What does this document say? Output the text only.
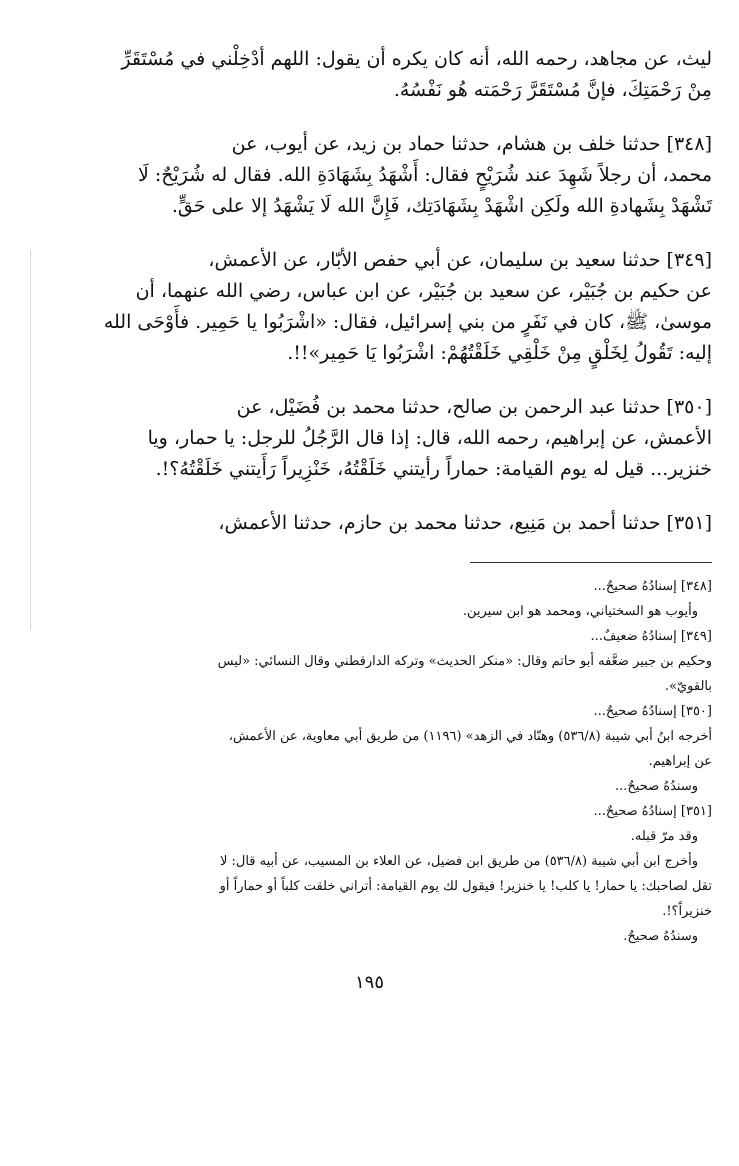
ليث، عن مجاهد، رحمه الله، أنه كان يكره أن يقول: اللهم أدْخِلْني في مُسْتَقَرِّ
مِنْ رَحْمَتِكَ، فإنَّ مُسْتَقَرَّ رَحْمَته هُو نَفْسُهُ.

[٣٤٨] حدثنا خلف بن هشام، حدثنا حماد بن زيد، عن أيوب، عن
محمد، أن رجلاً شَهِدَ عند شُرَيْحٍ فقال: أَشْهَدُ بِشَهَادَةِ الله. فقال له شُرَيْحٌ: لَا
تَشْهَدْ بِشَهادةِ الله ولَكِن اشْهَدْ بِشَهَادَتِك، فَإِنَّ الله لَا يَشْهَدُ إلا على حَقٍّ.

[٣٤٩] حدثنا سعيد بن سليمان، عن أبي حفص الأبّار، عن الأعمش،
عن حكيم بن جُبَيْر، عن سعيد بن جُبَيْر، عن ابن عباس، رضي الله عنهما، أن
موسىٰ، ﷺ، كان في نَفَرٍ من بني إسرائيل، فقال: «اشْرَبُوا يا حَمِير. فأَوْحَى الله
إليه: تَقُولُ لِخَلْقٍ مِنْ خَلْقِي خَلَقْتُهُمْ: اشْرَبُوا يَا حَمِير»!!.

[٣٥٠] حدثنا عبد الرحمن بن صالح، حدثنا محمد بن فُضَيْل، عن
الأعمش، عن إبراهيم، رحمه الله، قال: إذا قال الرَّجُلُ للرجل: يا حمار، ويا
خنزير... قيل له يوم القيامة: حماراً رأيتني خَلَقْتُهُ، خَنْزِيراً رَأَيتني خَلَقْتُهُ؟!.

[٣٥١] حدثنا أحمد بن مَنِيع، حدثنا محمد بن حازم، حدثنا الأعمش،

[٣٤٨] إسنادُهُ صحيحٌ...
وأيوب هو السختياني، ومحمد هو ابن سيرين.
[٣٤٩] إسنادُهُ ضعيفٌ...
وحكيم بن جبير ضعَّفه أبو حاتم وقال: «منكر الحديث» وتركه الدارقطني وقال النسائي: «ليس
بالقويّ».
[٣٥٠] إسنادُهُ صحيحٌ...
أخرجه ابنُ أبي شيبة (٥٣٦/٨) وهنّاد في الزهد» (١١٩٦) من طريق أبي معاوية، عن الأعمش،
عن إبراهيم.
وسندُهُ صحيحٌ...
[٣٥١] إسنادُهُ صحيحٌ...
وقد مرّ قبله.
وأخرج ابن أبي شيبة (٥٣٦/٨) من طريق ابن فضيل، عن العلاء بن المسيب، عن أبيه قال: لا
تقل لصاحبك: يا حمار! يا كلب! يا خنزير! فيقول لك يوم القيامة: أتراني خلقت كلباً أو حماراً أو
خنزيراً؟!.
وسندُهُ صحيحٌ.
١٩٥
